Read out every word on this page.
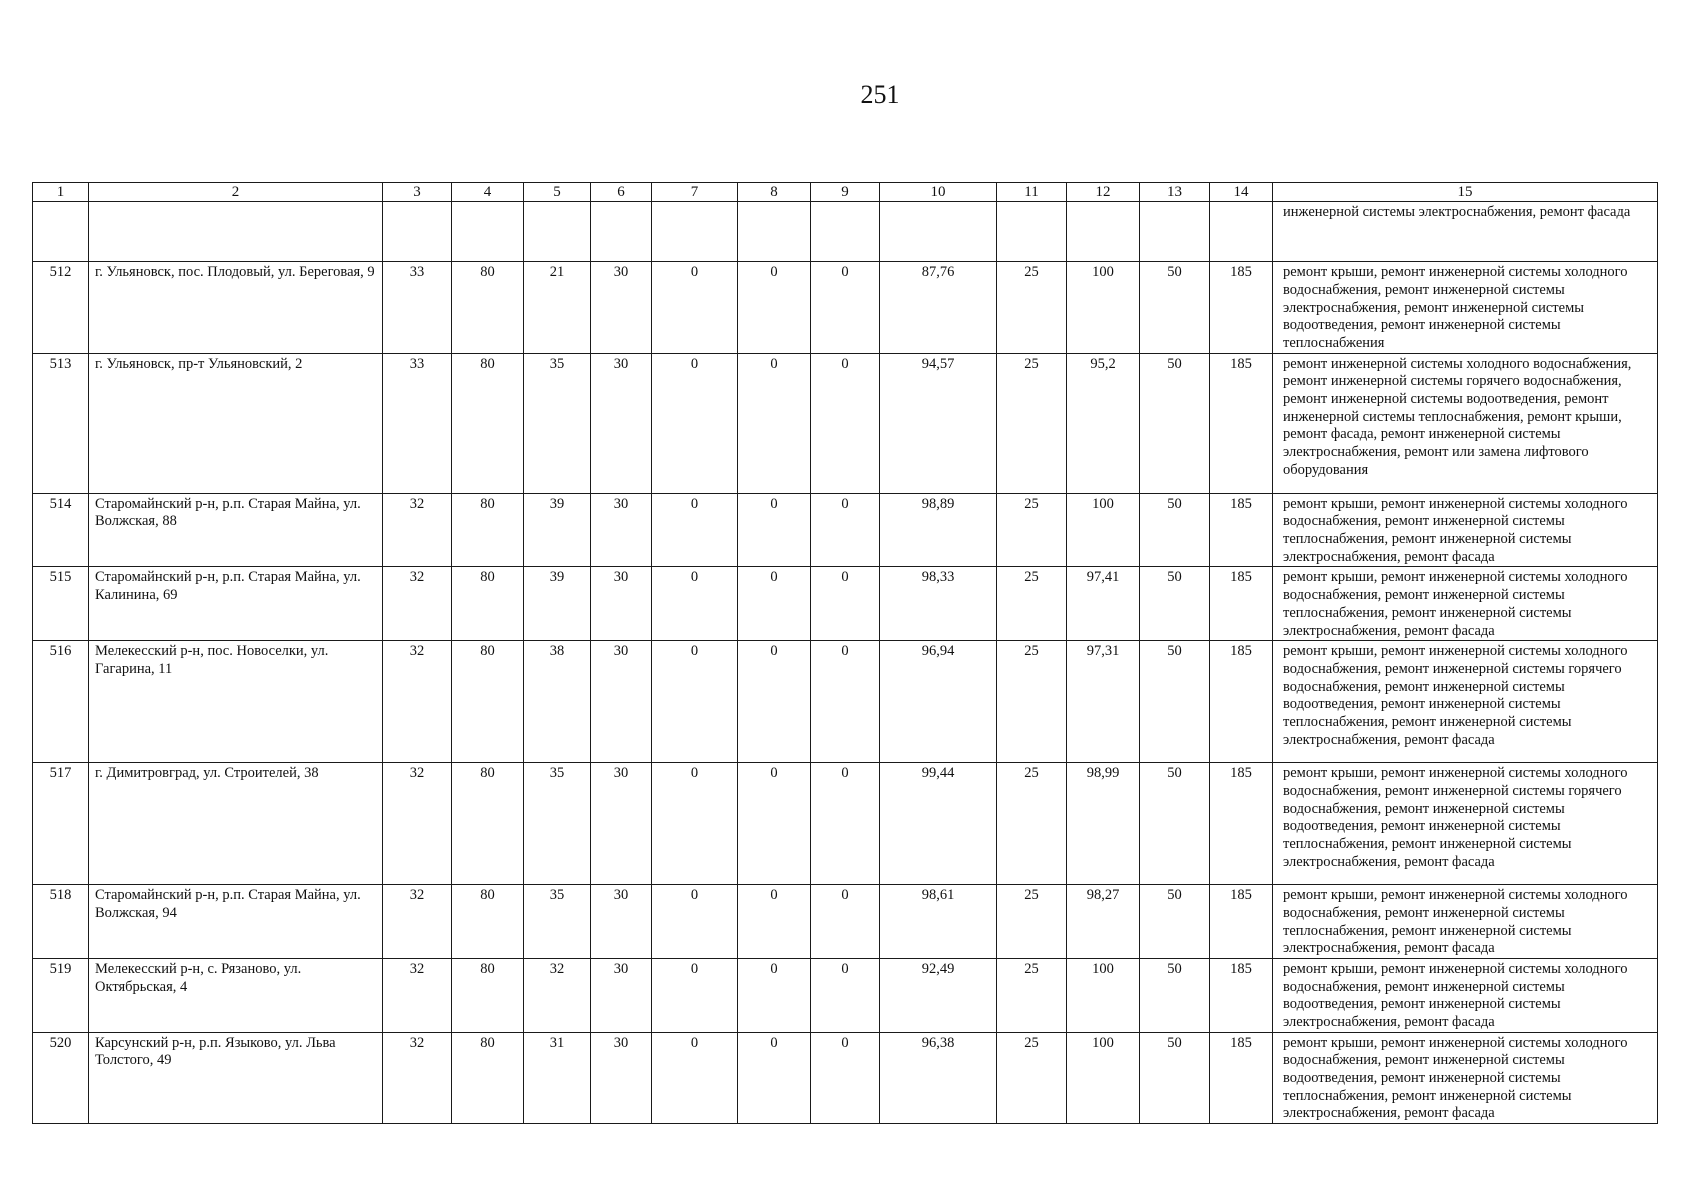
251
1	2	3	4	5	6	7	8	9	10	11	12	13	14	15
														инженерной системы электроснабжения, ремонт фасада
512	г. Ульяновск, пос. Плодовый, ул. Береговая, 9	33	80	21	30	0	0	0	87,76	25	100	50	185	ремонт крыши, ремонт инженерной системы холодного водоснабжения, ремонт инженерной системы электроснабжения, ремонт инженерной системы водоотведения, ремонт инженерной системы теплоснабжения
513	г. Ульяновск, пр-т Ульяновский, 2	33	80	35	30	0	0	0	94,57	25	95,2	50	185	ремонт инженерной системы холодного водоснабжения, ремонт инженерной системы горячего водоснабжения, ремонт инженерной системы водоотведения, ремонт инженерной системы теплоснабжения, ремонт крыши, ремонт фасада, ремонт инженерной системы электроснабжения, ремонт или замена лифтового оборудования
514	Старомайнский р-н, р.п. Старая Майна, ул. Волжская, 88	32	80	39	30	0	0	0	98,89	25	100	50	185	ремонт крыши, ремонт инженерной системы холодного водоснабжения, ремонт инженерной системы теплоснабжения, ремонт инженерной системы электроснабжения, ремонт фасада
515	Старомайнский р-н, р.п. Старая Майна, ул. Калинина, 69	32	80	39	30	0	0	0	98,33	25	97,41	50	185	ремонт крыши, ремонт инженерной системы холодного водоснабжения, ремонт инженерной системы теплоснабжения, ремонт инженерной системы электроснабжения, ремонт фасада
516	Мелекесский р-н, пос. Новоселки, ул. Гагарина, 11	32	80	38	30	0	0	0	96,94	25	97,31	50	185	ремонт крыши, ремонт инженерной системы холодного водоснабжения, ремонт инженерной системы горячего водоснабжения, ремонт инженерной системы водоотведения, ремонт инженерной системы теплоснабжения, ремонт инженерной системы электроснабжения, ремонт фасада
517	г. Димитровград, ул. Строителей, 38	32	80	35	30	0	0	0	99,44	25	98,99	50	185	ремонт крыши, ремонт инженерной системы холодного водоснабжения, ремонт инженерной системы горячего водоснабжения, ремонт инженерной системы водоотведения, ремонт инженерной системы теплоснабжения, ремонт инженерной системы электроснабжения, ремонт фасада
518	Старомайнский р-н, р.п. Старая Майна, ул. Волжская, 94	32	80	35	30	0	0	0	98,61	25	98,27	50	185	ремонт крыши, ремонт инженерной системы холодного водоснабжения, ремонт инженерной системы теплоснабжения, ремонт инженерной системы электроснабжения, ремонт фасада
519	Мелекесский р-н, с. Рязаново, ул. Октябрьская, 4	32	80	32	30	0	0	0	92,49	25	100	50	185	ремонт крыши, ремонт инженерной системы холодного водоснабжения, ремонт инженерной системы водоотведения, ремонт инженерной системы электроснабжения, ремонт фасада
520	Карсунский р-н, р.п. Языково, ул. Льва Толстого, 49	32	80	31	30	0	0	0	96,38	25	100	50	185	ремонт крыши, ремонт инженерной системы холодного водоснабжения, ремонт инженерной системы водоотведения, ремонт инженерной системы теплоснабжения, ремонт инженерной системы электроснабжения, ремонт фасада
